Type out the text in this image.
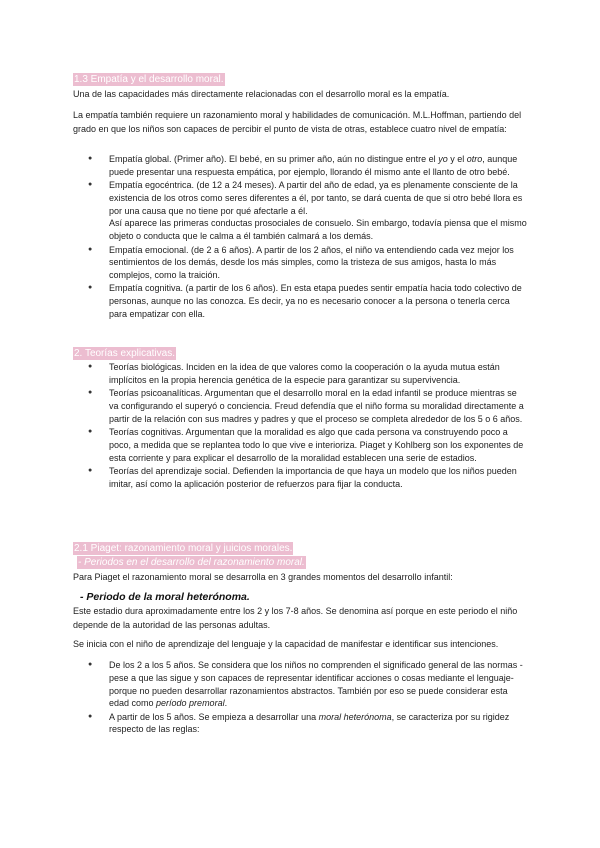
1.3 Empatía y el desarrollo moral.

Una de las capacidades más directamente relacionadas con el desarrollo moral es la empatía.

La empatía también requiere un razonamiento moral y habilidades de comunicación. M.L.Hoffman, partiendo del grado en que los niños son capaces de percibir el punto de vista de otras, establece cuatro nivel de empatía:

● Empatía global. (Primer año). El bebé, en su primer año, aún no distingue entre el yo y el otro, aunque puede presentar una respuesta empática, por ejemplo, llorando él mismo ante el llanto de otro bebé.
● Empatía egocéntrica. (de 12 a 24 meses). A partir del año de edad, ya es plenamente consciente de la existencia de los otros como seres diferentes a él, por tanto, se dará cuenta de que si otro bebé llora es por una causa que no tiene por qué afectarle a él.
Así aparece las primeras conductas prosociales de consuelo. Sin embargo, todavía piensa que el mismo objeto o conducta que le calma a él también calmará a los demás.
● Empatía emocional. (de 2 a 6 años). A partir de los 2 años, el niño va entendiendo cada vez mejor los sentimientos de los demás, desde los más simples, como la tristeza de sus amigos, hasta lo más complejos, como la traición.
● Empatía cognitiva. (a partir de los 6 años). En esta etapa puedes sentir empatía hacia todo colectivo de personas, aunque no las conozca. Es decir, ya no es necesario conocer a la persona o tenerla cerca para empatizar con ella.
2. Teorías explicativas.
● Teorías biológicas. Inciden en la idea de que valores como la cooperación o la ayuda mutua están implícitos en la propia herencia genética de la especie para garantizar su supervivencia.
● Teorías psicoanalíticas. Argumentan que el desarrollo moral en la edad infantil se produce mientras se va configurando el superyó o conciencia. Freud defendía que el niño forma su moralidad directamente a partir de la relación con sus madres y padres y que el proceso se completa alrededor de los 5 o 6 años.
● Teorías cognitivas. Argumentan que la moralidad es algo que cada persona va construyendo poco a poco, a medida que se replantea todo lo que vive e interioriza. Piaget y Kohlberg son los exponentes de esta corriente y para explicar el desarrollo de la moralidad establecen una serie de estadios.
● Teorías del aprendizaje social. Defienden la importancia de que haya un modelo que los niños pueden imitar, así como la aplicación posterior de refuerzos para fijar la conducta.
2.1 Piaget: razonamiento moral y juicios morales.
- Periodos en el desarrollo del razonamiento moral.

Para Piaget el razonamiento moral se desarrolla en 3 grandes momentos del desarrollo infantil:

- Periodo de la moral heterónoma.

Este estadio dura aproximadamente entre los 2 y los 7-8 años. Se denomina así porque en este periodo el niño depende de la autoridad de las personas adultas.

Se inicia con el niño de aprendizaje del lenguaje y la capacidad de manifestar e identificar sus intenciones.

● De los 2 a los 5 años. Se considera que los niños no comprenden el significado general de las normas -pese a que las sigue y son capaces de representar identificar acciones o cosas mediante el lenguaje- porque no pueden desarrollar razonamientos abstractos. También por eso se puede considerar esta edad como período premoral.
● A partir de los 5 años. Se empieza a desarrollar una moral heterónoma, se caracteriza por su rigidez respecto de las reglas:
